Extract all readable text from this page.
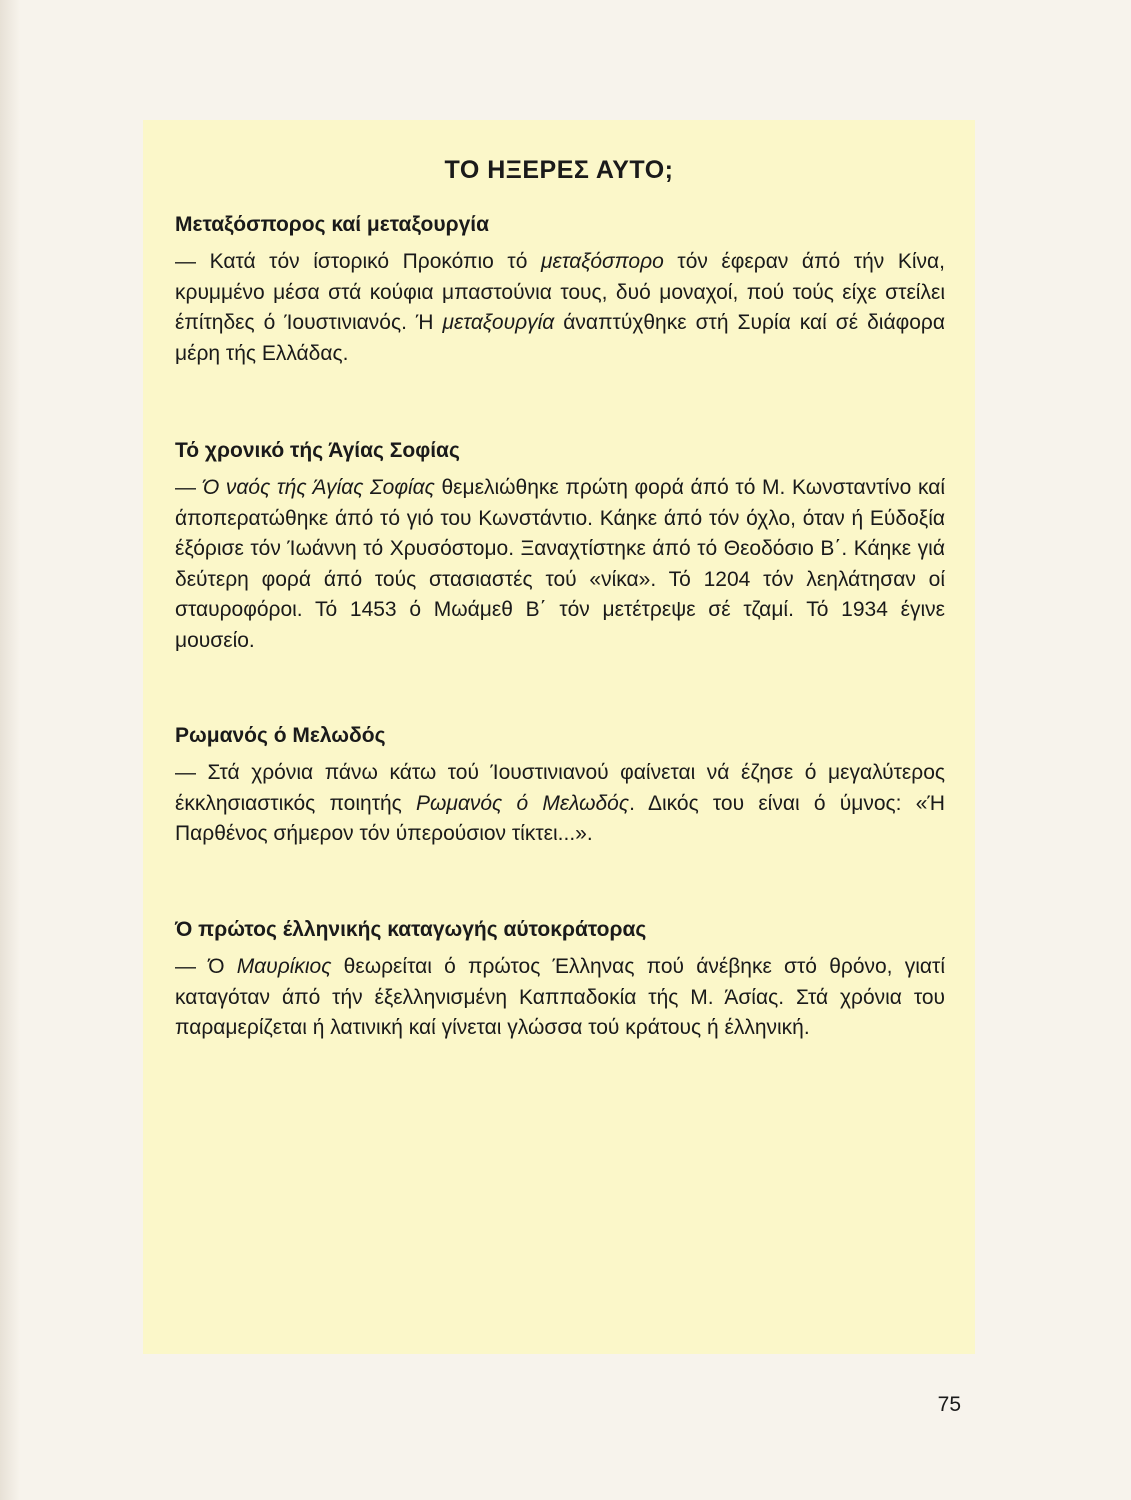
ΤΟ ΗΞΕΡΕΣ ΑΥΤΟ;
Μεταξόσπορος καί μεταξουργία

— Κατά τόν ίστορικό Προκόπιο τό μεταξόσπορο τόν έφεραν άπό τήν Κίνα, κρυμμένο μέσα στά κούφια μπαστούνια τους, δυό μοναχοί, πού τούς είχε στείλει έπίτηδες ό Ίουστινιανός. Ή μεταξουργία άναπτύχθηκε στή Συρία καί σέ διάφορα μέρη τής Ελλάδας.

Τό χρονικό τής Άγίας Σοφίας

— Ό ναός τής Άγίας Σοφίας θεμελιώθηκε πρώτη φορά άπό τό Μ. Κωνσταντίνο καί άποπερατώθηκε άπό τό γιό του Κωνστάντιο. Κάηκε άπό τόν όχλο, όταν ή Εύδοξία έξόρισε τόν Ίωάννη τό Χρυσόστομο. Ξαναχτίστηκε άπό τό Θεοδόσιο Β΄. Κάηκε γιά δεύτερη φορά άπό τούς στασιαστές τού «νίκα». Τό 1204 τόν λεηλάτησαν οί σταυροφόροι. Τό 1453 ό Μωάμεθ Β΄ τόν μετέτρεψε σέ τζαμί. Τό 1934 έγινε μουσείο.

Ρωμανός ό Μελωδός

— Στά χρόνια πάνω κάτω τού Ίουστινιανού φαίνεται νά έζησε ό μεγαλύτερος έκκλησιαστικός ποιητής Ρωμανός ό Μελωδός. Δικός του είναι ό ύμνος: «Ή Παρθένος σήμερον τόν ύπερούσιον τίκτει...».

Ό πρώτος έλληνικής καταγωγής αύτοκράτορας

— Ό Μαυρίκιος θεωρείται ό πρώτος Έλληνας πού άνέβηκε στό θρόνο, γιατί καταγόταν άπό τήν έξελληνισμένη Καππαδοκία τής Μ. Άσίας. Στά χρόνια του παραμερίζεται ή λατινική καί γίνεται γλώσσα τού κράτους ή έλληνική.

75
